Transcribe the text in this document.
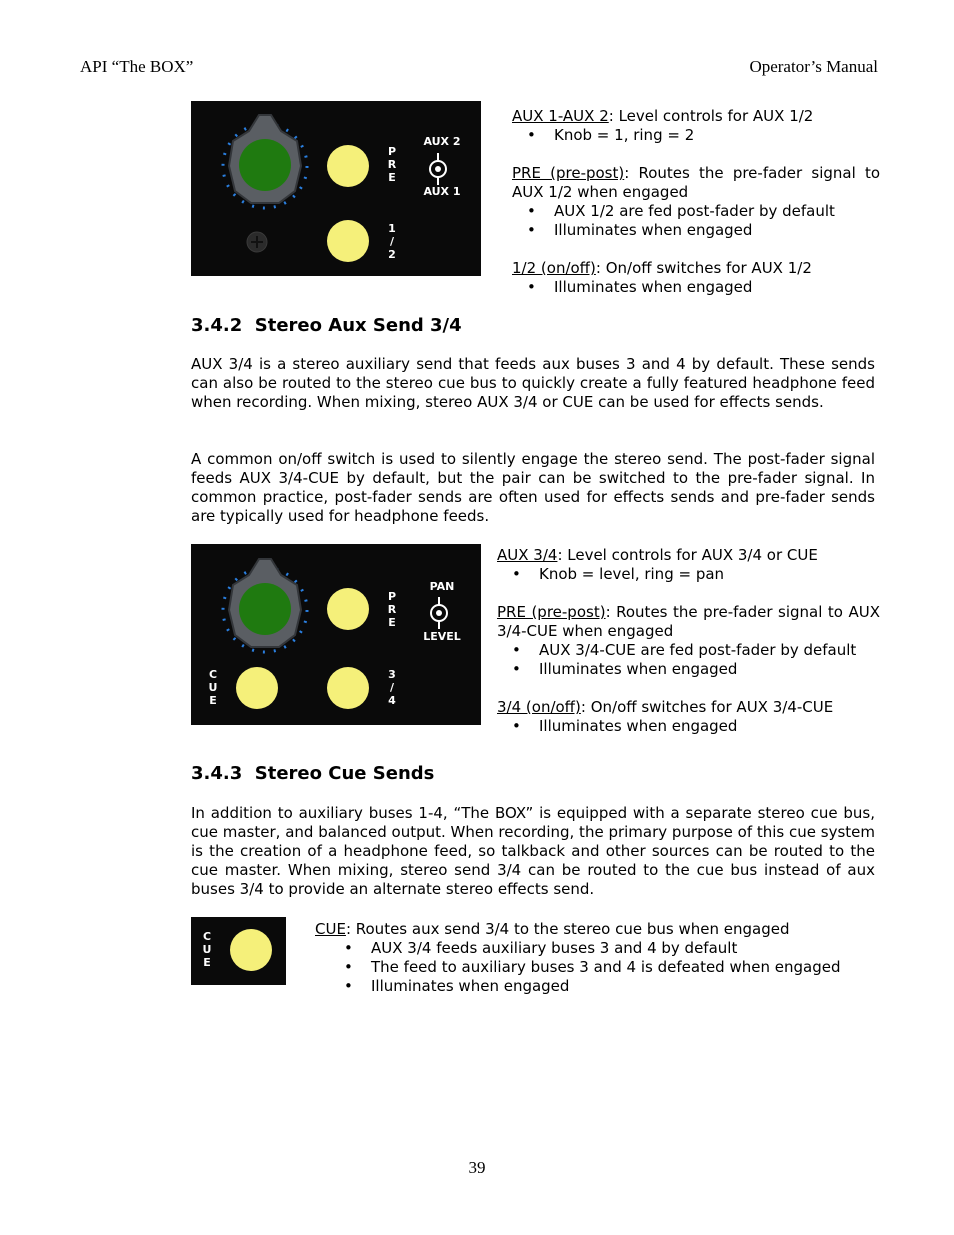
API “The BOX”	Operator’s Manual
P
R
E
AUX 2
AUX 1
1
/
2

AUX 1-AUX 2: Level controls for AUX 1/2

• Knob = 1, ring = 2

PRE (pre-post): Routes the pre-fader signal to AUX 1/2 when engaged

• AUX 1/2 are fed post-fader by default
• Illuminates when engaged

1/2 (on/off): On/off switches for AUX 1/2

• Illuminates when engaged
3.4.2  Stereo Aux Send 3/4

AUX 3/4 is a stereo auxiliary send that feeds aux buses 3 and 4 by default. These sends can also be routed to the stereo cue bus to quickly create a fully featured headphone feed when recording. When mixing, stereo AUX 3/4 or CUE can be used for effects sends.

A common on/off switch is used to silently engage the stereo send. The post-fader signal feeds AUX 3/4-CUE by default, but the pair can be switched to the pre-fader signal. In common practice, post-fader sends are often used for effects sends and pre-fader sends are typically used for headphone feeds.

P
R
E
PAN
LEVEL
C
U
E
3
/
4

AUX 3/4: Level controls for AUX 3/4 or CUE

• Knob = level, ring = pan

PRE (pre-post): Routes the pre-fader signal to AUX 3/4-CUE when engaged

• AUX 3/4-CUE are fed post-fader by default
• Illuminates when engaged

3/4 (on/off): On/off switches for AUX 3/4-CUE

• Illuminates when engaged
3.4.3  Stereo Cue Sends

In addition to auxiliary buses 1-4, “The BOX” is equipped with a separate stereo cue bus, cue master, and balanced output. When recording, the primary purpose of this cue system is the creation of a headphone feed, so talkback and other sources can be routed to the cue master. When mixing, stereo send 3/4 can be routed to the cue bus instead of aux buses 3/4 to provide an alternate stereo effects send.

C
U
E

CUE: Routes aux send 3/4 to the stereo cue bus when engaged

• AUX 3/4 feeds auxiliary buses 3 and 4 by default
• The feed to auxiliary buses 3 and 4 is defeated when engaged
• Illuminates when engaged
39
